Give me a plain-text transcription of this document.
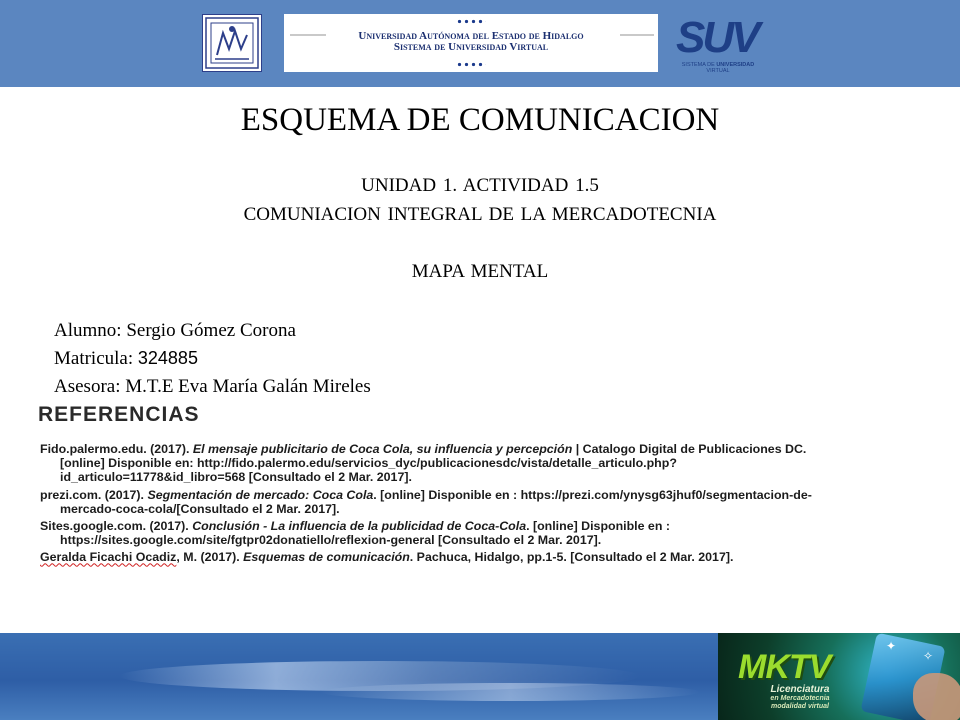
Universidad Autónoma del Estado de Hidalgo
Sistema de Universidad Virtual	SUV
SISTEMA DE UNIVERSIDAD
VIRTUAL
ESQUEMA DE COMUNICACION
UNIDAD 1. ACTIVIDAD 1.5
COMUNIACION INTEGRAL DE LA MERCADOTECNIA
MAPA MENTAL
Alumno: Sergio Gómez Corona
Matricula: 324885
Asesora: M.T.E Eva María Galán Mireles
REFERENCIAS

Fido.palermo.edu. (2017). El mensaje publicitario de Coca Cola, su influencia y percepción | Catalogo Digital de Publicaciones DC. [online] Disponible en: http://fido.palermo.edu/servicios_dyc/publicacionesdc/vista/detalle_articulo.php?id_articulo=11778&id_libro=568 [Consultado el 2 Mar. 2017].

prezi.com. (2017). Segmentación de mercado: Coca Cola. [online] Disponible en : https://prezi.com/ynysg63jhuf0/segmentacion-de-mercado-coca-cola/[Consultado el 2 Mar. 2017].

Sites.google.com. (2017). Conclusión - La influencia de la publicidad de Coca-Cola. [online] Disponible en : https://sites.google.com/site/fgtpr02donatiello/reflexion-general [Consultado el 2 Mar. 2017].

Geralda Ficachi Ocadiz, M. (2017). Esquemas de comunicación. Pachuca, Hidalgo, pp.1-5. [Consultado el 2 Mar. 2017].

✦
✧
MKTV
Licenciatura
en Mercadotecnia
modalidad virtual
